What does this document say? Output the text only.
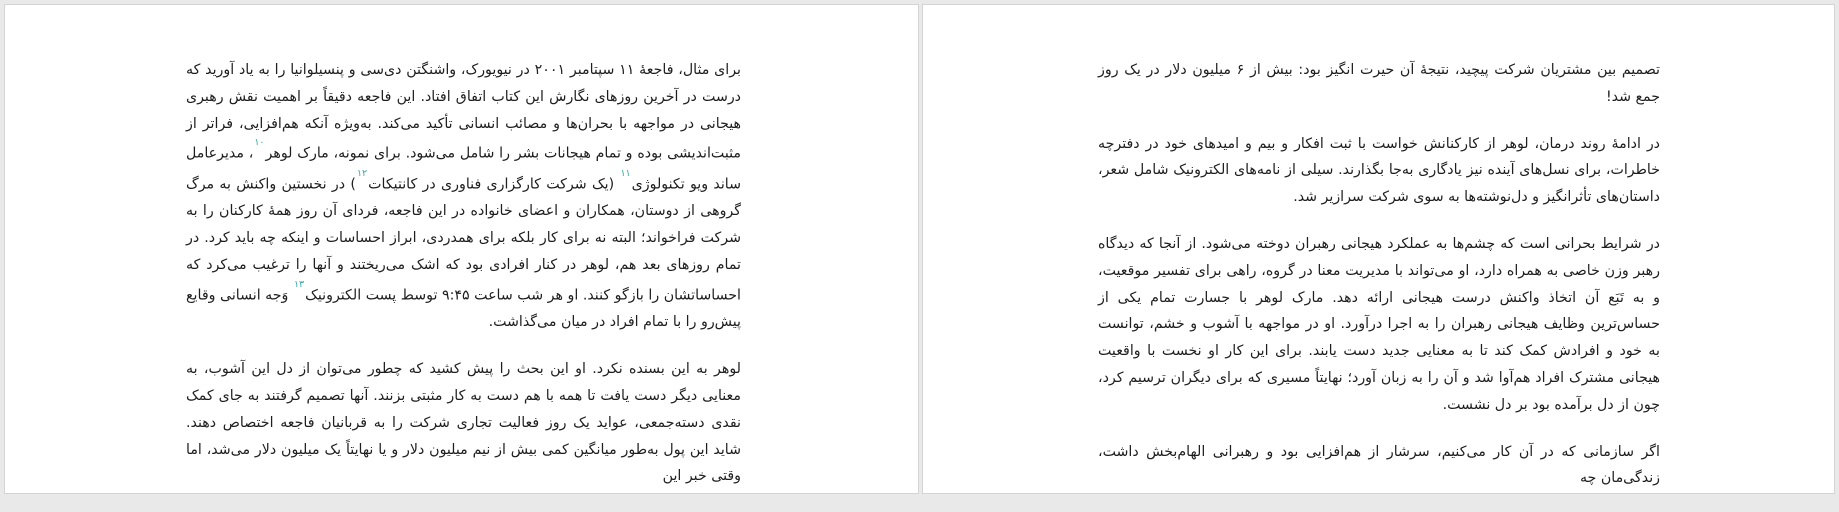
برای مثال، فاجعهٔ ۱۱ سپتامبر ۲۰۰۱ در نیویورک، واشنگتن دی‌سی و پنسیلوانیا را به یاد آورید که درست در آخرین روزهای نگارش این کتاب اتفاق افتاد. این فاجعه دقیقاً بر اهمیت نقش رهبری هیجانی در مواجهه با بحران‌ها و مصائب انسانی تأکید می‌کند. به‌ویژه آنکه هم‌افزایی، فراتر از مثبت‌اندیشی بوده و تمام هیجانات بشر را شامل می‌شود. برای نمونه، مارک لوهر$^{۱۰}$، مدیرعامل ساند ویو تکنولوژی$^{۱۱}$ (یک شرکت کارگزاری فناوری در کانتیکات$^{۱۲}$) در نخستین واکنش به مرگ گروهی از دوستان، همکاران و اعضای خانواده در این فاجعه، فردای آن روز همهٔ کارکنان را به شرکت فراخواند؛ البته نه برای کار بلکه برای همدردی، ابراز احساسات و اینکه چه باید کرد. در تمام روزهای بعد هم، لوهر در کنار افرادی بود که اشک می‌ریختند و آنها را ترغیب می‌کرد که احساساتشان را بازگو کنند. او هر شب ساعت ۹:۴۵ توسط پست الکترونیک$^{۱۳}$ وَجه انسانی وقایع پیش‌رو را با تمام افراد در میان می‌گذاشت.

لوهر به این بسنده نکرد. او این بحث را پیش کشید که چطور می‌توان از دل این آشوب، به معنایی دیگر دست یافت تا همه با هم دست به کار مثبتی بزنند. آنها تصمیم گرفتند به جای کمک نقدی دسته‌جمعی، عواید یک روز فعالیت تجاری شرکت را به قربانیان فاجعه اختصاص دهند. شاید این پول به‌طور میانگین کمی بیش از نیم میلیون دلار و یا نهایتاً یک میلیون دلار می‌شد، اما وقتی خبر این

تصمیم بین مشتریان شرکت پیچید، نتیجهٔ آن حیرت انگیز بود: بیش از ۶ میلیون دلار در یک روز جمع شد!

در ادامهٔ روند درمان، لوهر از کارکنانش خواست با ثبت افکار و بیم و امیدهای خود در دفترچه خاطرات، برای نسل‌های آینده نیز یادگاری به‌جا بگذارند. سیلی از نامه‌های الکترونیک شامل شعر، داستان‌های تأثرانگیز و دل‌نوشته‌ها به سوی شرکت سرازیر شد.

در شرایط بحرانی است که چشم‌ها به عملکرد هیجانی رهبران دوخته می‌شود. از آنجا که دیدگاه رهبر وزن خاصی به همراه دارد، او می‌تواند با مدیریت معنا در گروه، راهی برای تفسیر موقعیت، و به تَبَع آن اتخاذ واکنش درست هیجانی ارائه دهد. مارک لوهر با جسارت تمام یکی از حساس‌ترین وظایف هیجانی رهبران را به اجرا درآورد. او در مواجهه با آشوب و خشم، توانست به خود و افرادش کمک کند تا به معنایی جدید دست یابند. برای این کار او نخست با واقعیت هیجانی مشترک افراد هم‌آوا شد و آن را به زبان آورد؛ نهایتاً مسیری که برای دیگران ترسیم کرد، چون از دل برآمده بود بر دل نشست.

اگر سازمانی که در آن کار می‌کنیم، سرشار از هم‌افزایی بود و رهبرانی الهام‌بخش داشت، زندگی‌مان چه
